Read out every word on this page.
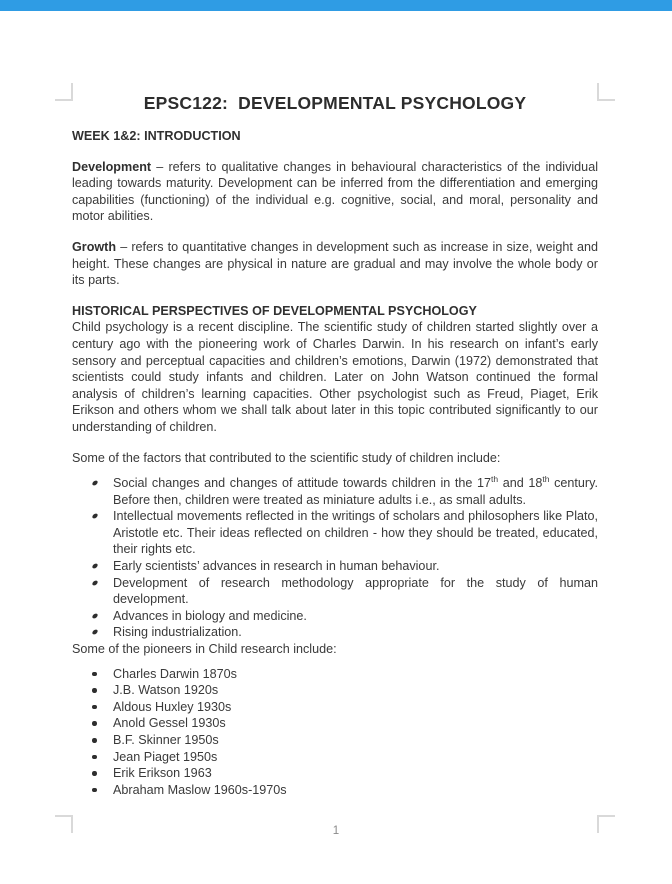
EPSC122:  DEVELOPMENTAL PSYCHOLOGY
WEEK 1&2: INTRODUCTION

Development – refers to qualitative changes in behavioural characteristics of the individual leading towards maturity. Development can be inferred from the differentiation and emerging capabilities (functioning) of the individual e.g. cognitive, social, and moral, personality and motor abilities.

Growth – refers to quantitative changes in development such as increase in size, weight and height. These changes are physical in nature are gradual and may involve the whole body or its parts.

HISTORICAL PERSPECTIVES OF DEVELOPMENTAL PSYCHOLOGY

Child psychology is a recent discipline. The scientific study of children started slightly over a century ago with the pioneering work of Charles Darwin. In his research on infant’s early sensory and perceptual capacities and children’s emotions, Darwin (1972) demonstrated that scientists could study infants and children. Later on John Watson continued the formal analysis of children’s learning capacities. Other psychologist such as Freud, Piaget, Erik Erikson and others whom we shall talk about later in this topic contributed significantly to our understanding of children.

Some of the factors that contributed to the scientific study of children include:

Social changes and changes of attitude towards children in the 17th and 18th century. Before then, children were treated as miniature adults i.e., as small adults.
Intellectual movements reflected in the writings of scholars and philosophers like Plato, Aristotle etc. Their ideas reflected on children - how they should be treated, educated, their rights etc.
Early scientists’ advances in research in human behaviour.
Development of research methodology appropriate for the study of human development.
Advances in biology and medicine.
Rising industrialization.

Some of the pioneers in Child research include:

Charles Darwin 1870s
J.B. Watson 1920s
Aldous Huxley 1930s
Anold Gessel 1930s
B.F. Skinner 1950s
Jean Piaget 1950s
Erik Erikson 1963
Abraham Maslow 1960s-1970s
1
